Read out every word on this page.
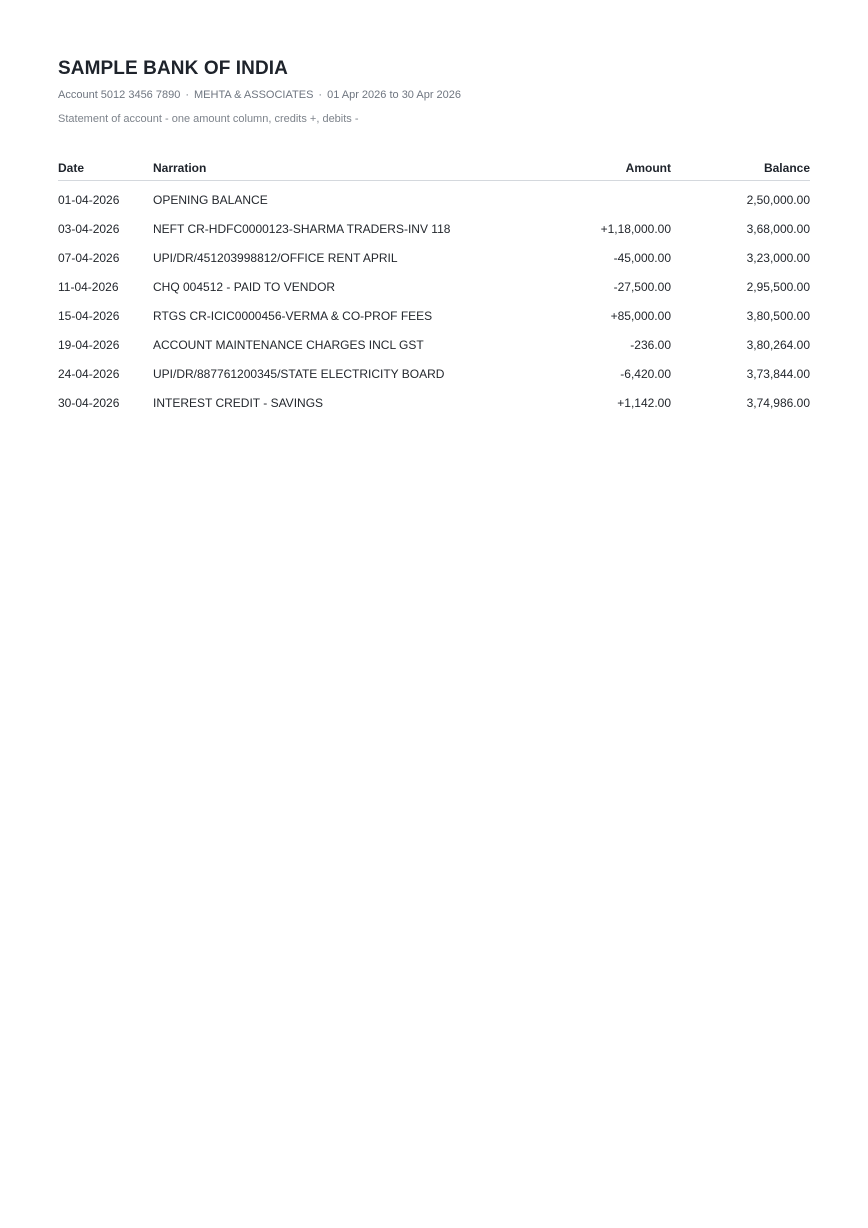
SAMPLE BANK OF INDIA
Account 5012 3456 7890 · MEHTA & ASSOCIATES · 01 Apr 2026 to 30 Apr 2026
Statement of account - one amount column, credits +, debits -
Date	Narration	Amount	Balance
01-04-2026	OPENING BALANCE		2,50,000.00
03-04-2026	NEFT CR-HDFC0000123-SHARMA TRADERS-INV 118	+1,18,000.00	3,68,000.00
07-04-2026	UPI/DR/451203998812/OFFICE RENT APRIL	-45,000.00	3,23,000.00
11-04-2026	CHQ 004512 - PAID TO VENDOR	-27,500.00	2,95,500.00
15-04-2026	RTGS CR-ICIC0000456-VERMA & CO-PROF FEES	+85,000.00	3,80,500.00
19-04-2026	ACCOUNT MAINTENANCE CHARGES INCL GST	-236.00	3,80,264.00
24-04-2026	UPI/DR/887761200345/STATE ELECTRICITY BOARD	-6,420.00	3,73,844.00
30-04-2026	INTEREST CREDIT - SAVINGS	+1,142.00	3,74,986.00
